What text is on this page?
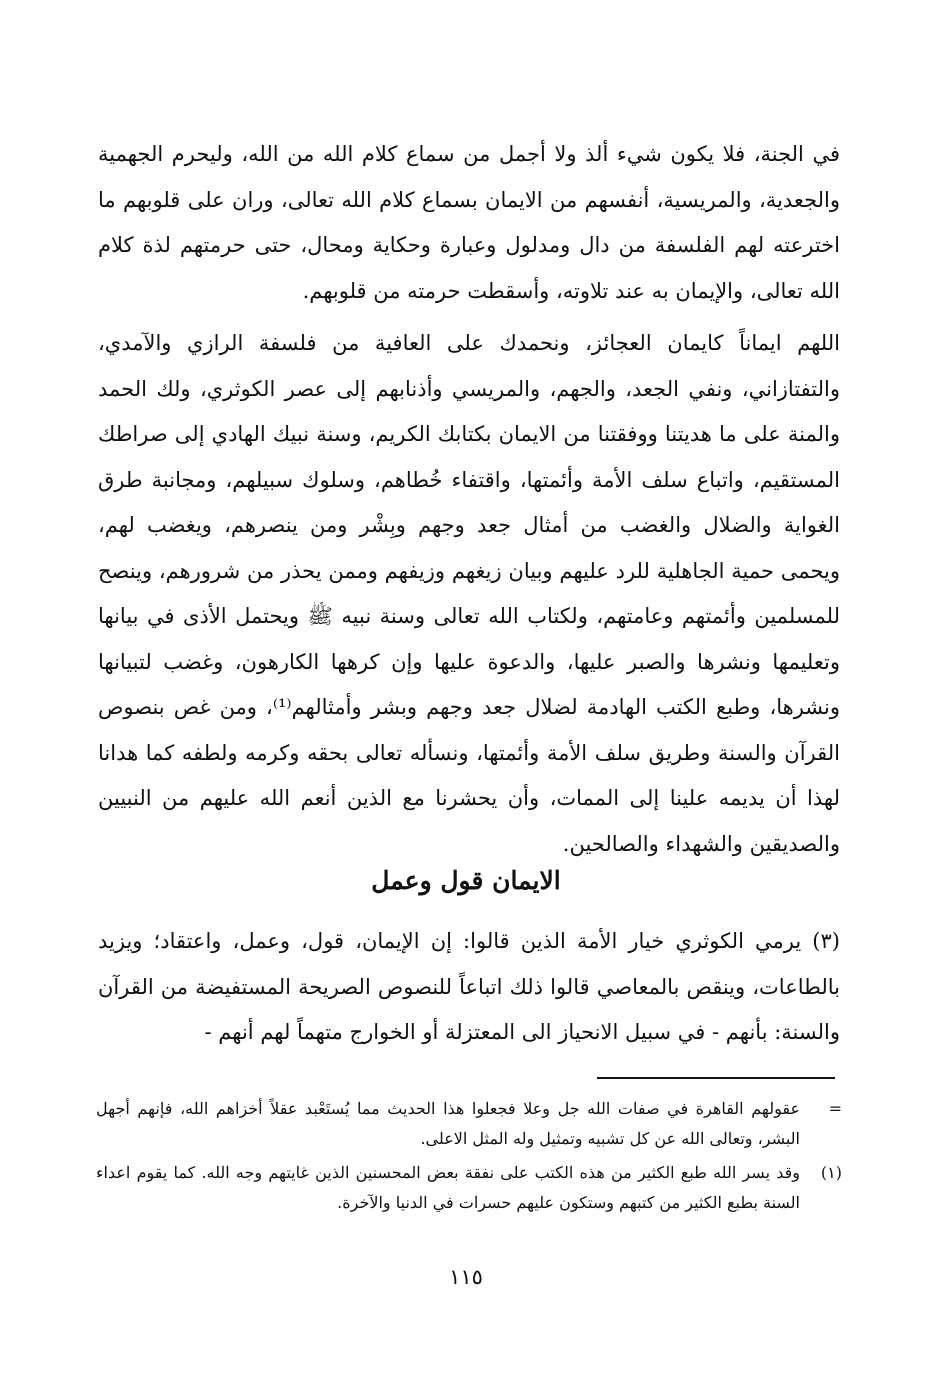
في الجنة، فلا يكون شيء ألذ ولا أجمل من سماع كلام الله من الله، وليحرم الجهمية والجعدية، والمريسية، أنفسهم من الايمان بسماع كلام الله تعالى، وران على قلوبهم ما اخترعته لهم الفلسفة من دال ومدلول وعبارة وحكاية ومحال، حتى حرمتهم لذة كلام الله تعالى، والإيمان به عند تلاوته، وأسقطت حرمته من قلوبهم.

اللهم ايماناً كايمان العجائز، ونحمدك على العافية من فلسفة الرازي والآمدي، والتفتازاني، ونفي الجعد، والجهم، والمريسي وأذنابهم إلى عصر الكوثري، ولك الحمد والمنة على ما هديتنا ووفقتنا من الايمان بكتابك الكريم، وسنة نبيك الهادي إلى صراطك المستقيم، واتباع سلف الأمة وأئمتها، واقتفاء خُطاهم، وسلوك سبيلهم، ومجانبة طرق الغواية والضلال والغضب من أمثال جعد وجهم وبِشْر ومن ينصرهم، ويغضب لهم، ويحمى حمية الجاهلية للرد عليهم وبيان زيغهم وزيفهم وممن يحذر من شرورهم، وينصح للمسلمين وأئمتهم وعامتهم، ولكتاب الله تعالى وسنة نبيه ﷺ ويحتمل الأذى في بيانها وتعليمها ونشرها والصبر عليها، والدعوة عليها وإن كرهها الكارهون، وغضب لتبيانها ونشرها، وطبع الكتب الهادمة لضلال جعد وجهم وبشر وأمثالهم⁽¹⁾، ومن غص بنصوص القرآن والسنة وطريق سلف الأمة وأئمتها، ونسأله تعالى بحقه وكرمه ولطفه كما هدانا لهذا أن يديمه علينا إلى الممات، وأن يحشرنا مع الذين أنعم الله عليهم من النبيين والصديقين والشهداء والصالحين.

الايمان قول وعمل

(٣) يرمي الكوثري خيار الأمة الذين قالوا: إن الإيمان، قول، وعمل، واعتقاد؛ ويزيد بالطاعات، وينقص بالمعاصي قالوا ذلك اتباعاً للنصوص الصريحة المستفيضة من القرآن والسنة: بأنهم - في سبيل الانحياز الى المعتزلة أو الخوارج متهماً لهم أنهم -

=
عقولهم القاهرة في صفات الله جل وعلا فجعلوا هذا الحديث مما يُستَعْبد عقلاً أخزاهم الله، فإنهم أجهل البشر، وتعالى الله عن كل تشبيه وتمثيل وله المثل الاعلى.
(١)
وقد يسر الله طبع الكثير من هذه الكتب على نفقة بعض المحسنين الذين غايتهم وجه الله. كما يقوم اعداء السنة بطبع الكثير من كتبهم وستكون عليهم حسرات في الدنيا والآخرة.
١١٥
